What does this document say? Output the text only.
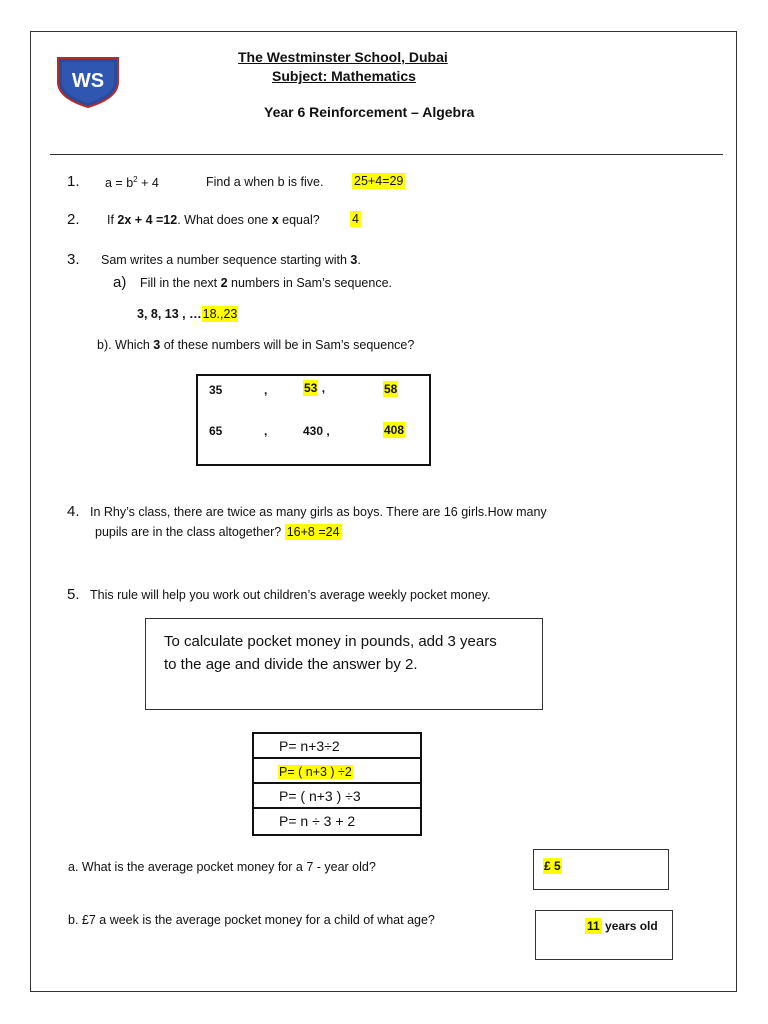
WS
The Westminster School, Dubai
Subject: Mathematics
Year 6 Reinforcement – Algebra
1. $a = b^2 + 4$	Find a when b is five. 25+4=29
2. If 2x + 4 =12. What does one x equal?	4
3. Sam writes a number sequence starting with 3.
a) Fill in the next 2 numbers in Sam’s sequence.
3, 8, 13 , …18.,23
b). Which 3 of these numbers will be in Sam’s sequence?
35	,	53 ,	58
65	,	430 ,	408
4. In Rhy’s class, there are twice as many girls as boys. There are 16 girls.How many
pupils are in the class altogether? 16+8 =24
5. This rule will help you work out children’s average weekly pocket money.
To calculate pocket money in pounds, add 3 years
to the age and divide the answer by 2.
P= n+3÷2
P= ( n+3 ) ÷2
P= ( n+3 ) ÷3
P= n ÷ 3 + 2
a. What is the average pocket money for a 7 - year old?	£ 5
b. £7 a week is the average pocket money for a child of what age?	11 years old
